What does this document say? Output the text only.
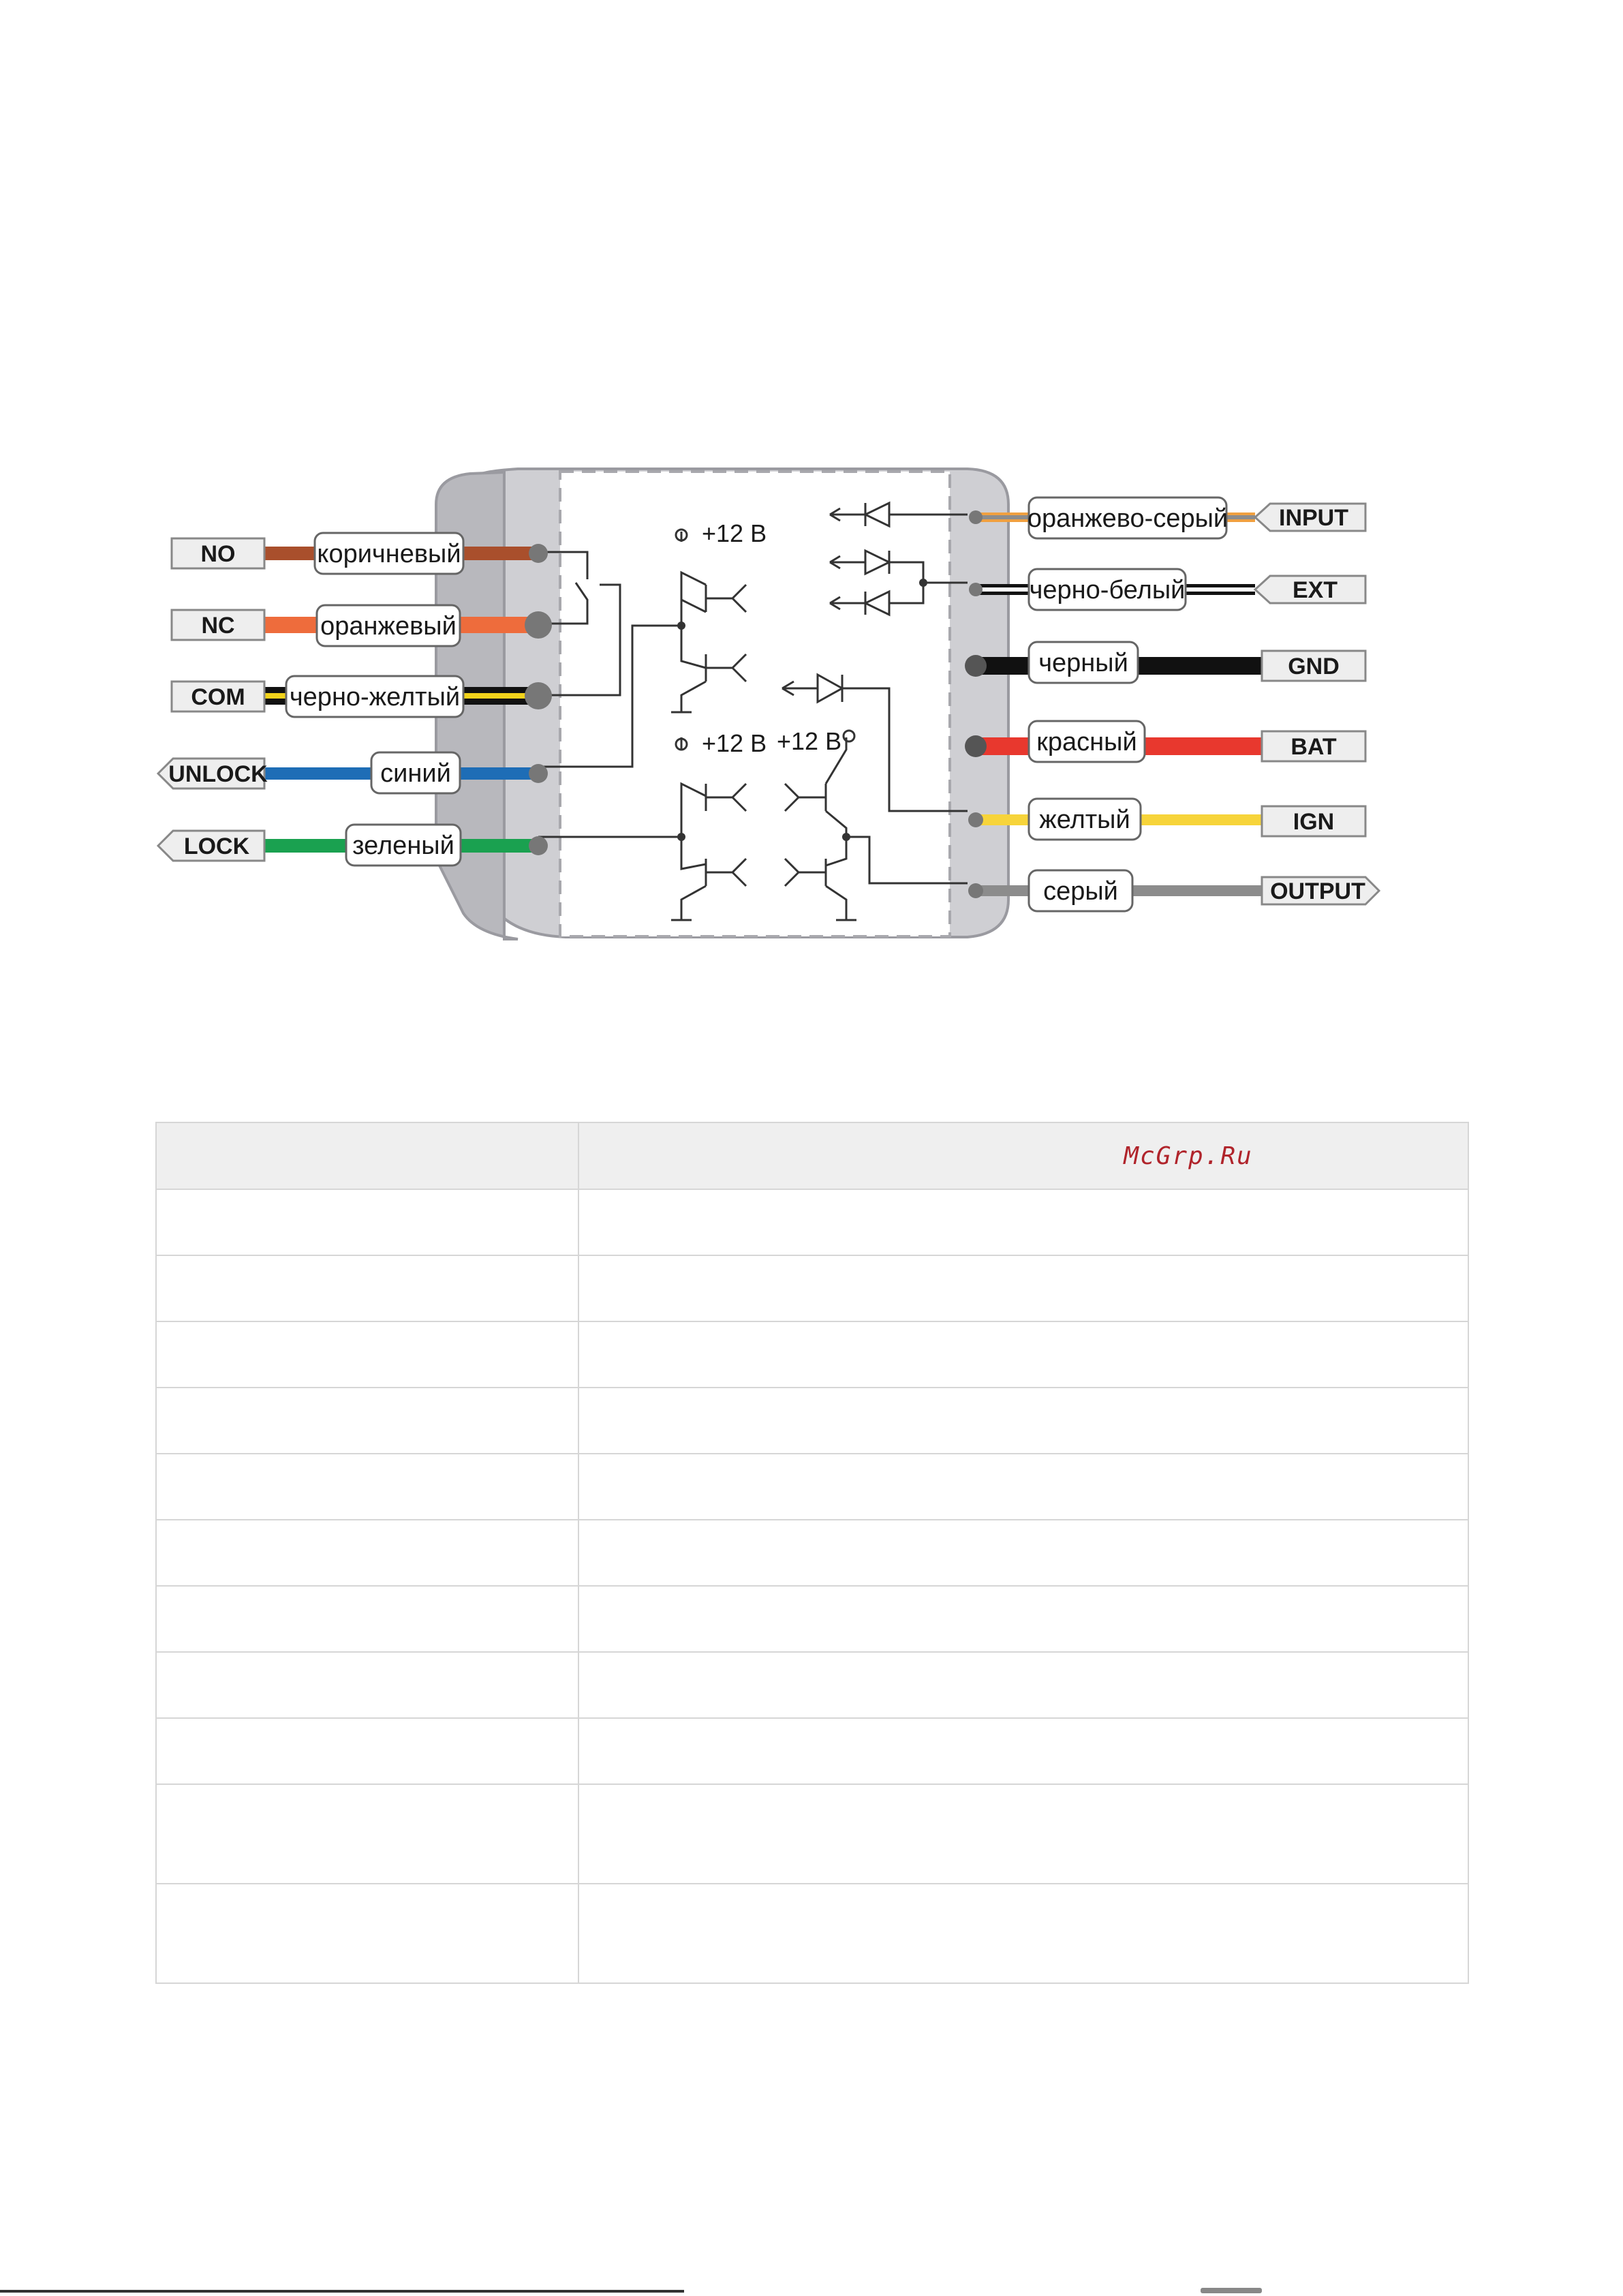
+12 В
+12 В +12 В
NO	коричневый
NC	оранжевый
COM черно-желтый
UNLOCK	синий
LOCK	зеленый
оранжево-серый INPUT
черно-белый	EXT
черный	GND
красный	BAT
желтый	IGN
серый	OUTPUT
	McGrp.Ru
